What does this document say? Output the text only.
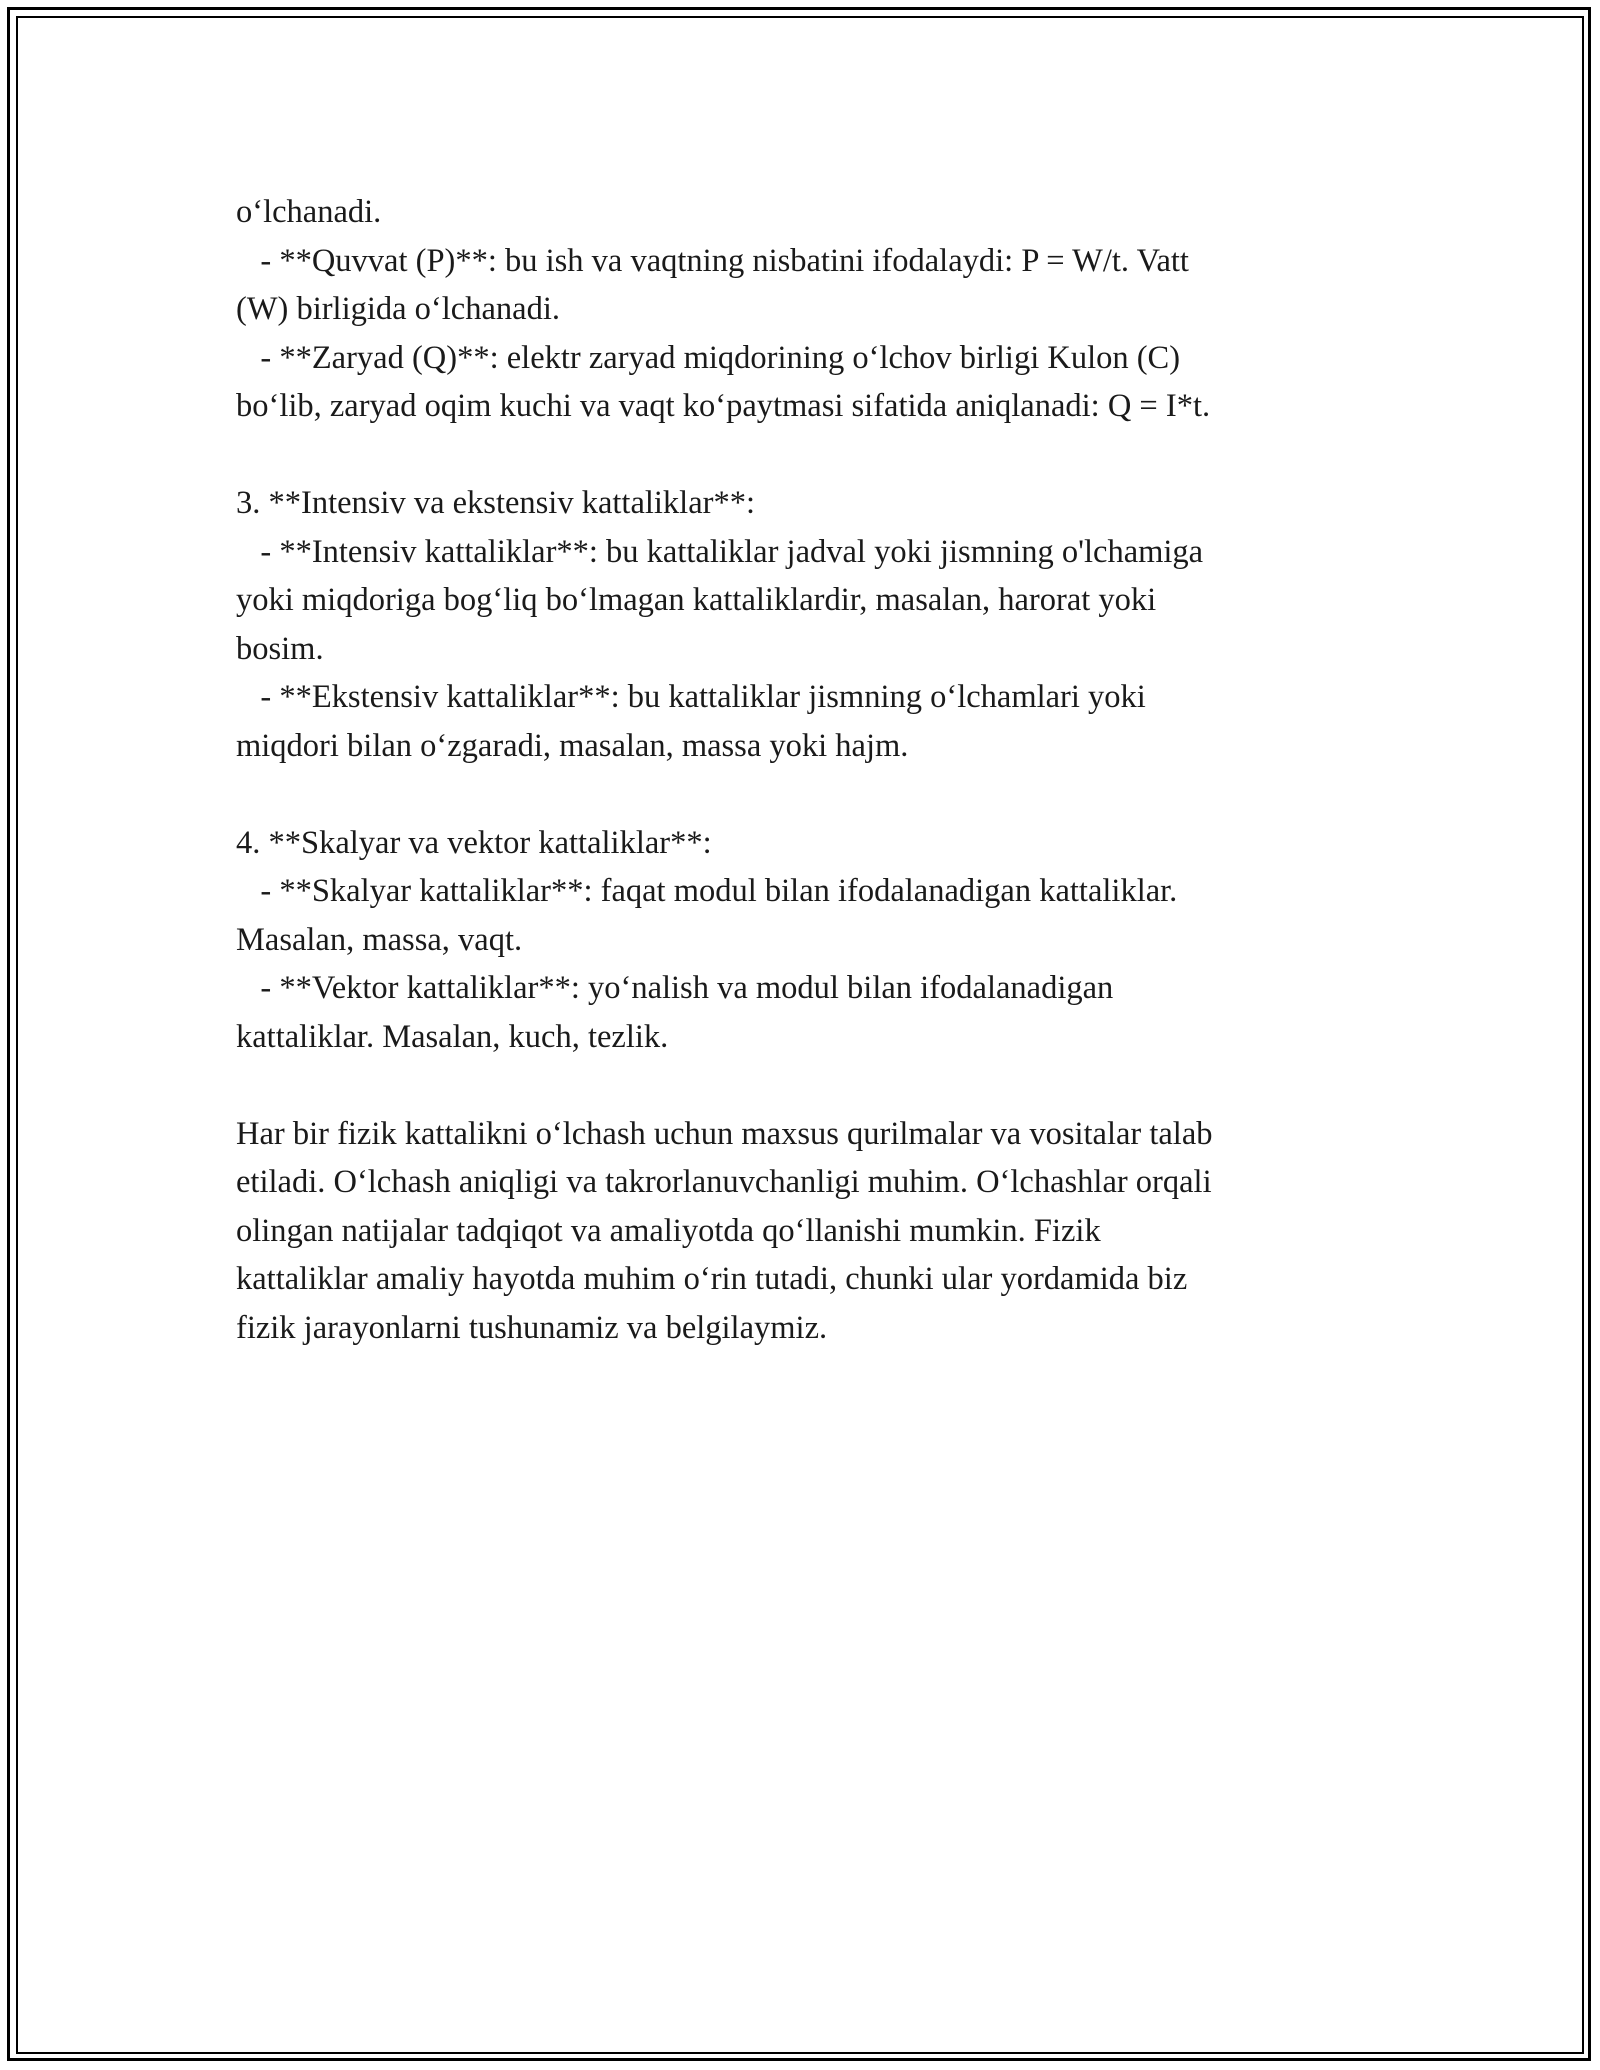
o‘lchanadi.
- **Quvvat (P)**: bu ish va vaqtning nisbatini ifodalaydi: P = W/t. Vatt
(W) birligida o‘lchanadi.
- **Zaryad (Q)**: elektr zaryad miqdorining o‘lchov birligi Kulon (C)
bo‘lib, zaryad oqim kuchi va vaqt ko‘paytmasi sifatida aniqlanadi: Q = I*t.
3. **Intensiv va ekstensiv kattaliklar**:
- **Intensiv kattaliklar**: bu kattaliklar jadval yoki jismning o'lchamiga
yoki miqdoriga bog‘liq bo‘lmagan kattaliklardir, masalan, harorat yoki
bosim.
- **Ekstensiv kattaliklar**: bu kattaliklar jismning o‘lchamlari yoki
miqdori bilan o‘zgaradi, masalan, massa yoki hajm.
4. **Skalyar va vektor kattaliklar**:
- **Skalyar kattaliklar**: faqat modul bilan ifodalanadigan kattaliklar.
Masalan, massa, vaqt.
- **Vektor kattaliklar**: yo‘nalish va modul bilan ifodalanadigan
kattaliklar. Masalan, kuch, tezlik.
Har bir fizik kattalikni o‘lchash uchun maxsus qurilmalar va vositalar talab
etiladi. O‘lchash aniqligi va takrorlanuvchanligi muhim. O‘lchashlar orqali
olingan natijalar tadqiqot va amaliyotda qo‘llanishi mumkin. Fizik
kattaliklar amaliy hayotda muhim o‘rin tutadi, chunki ular yordamida biz
fizik jarayonlarni tushunamiz va belgilaymiz.
